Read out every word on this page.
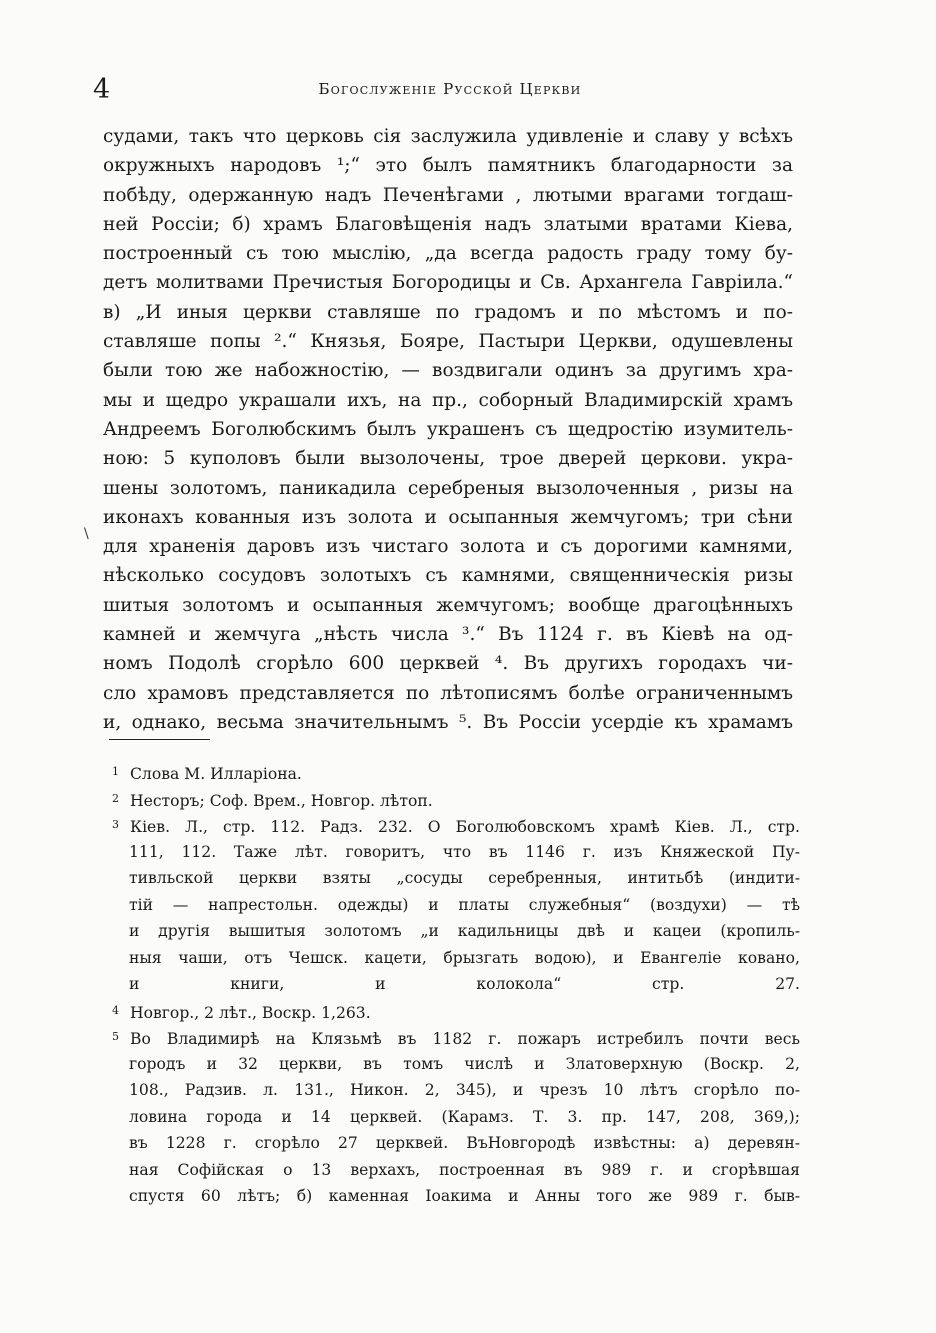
4	Богослуженіе Русской Церкви
\
судами, такъ что церковь сія заслужила удивленіе и славу у всѣхъ
окружныхъ народовъ ¹;“ это былъ памятникъ благодарности за
побѣду, одержанную надъ Печенѣгами , лютыми врагами тогдаш-
ней Россіи; б) храмъ Благовѣщенія надъ златыми вратами Кіева,
построенный съ тою мыслію, „да всегда радость граду тому бу-
детъ молитвами Пречистыя Богородицы и Св. Архангела Гавріила.“
в) „И иныя церкви ставляше по градомъ и по мѣстомъ и по-
ставляше попы ².“ Князья, Бояре, Пастыри Церкви, одушевлены
были тою же набожностію, — воздвигали одинъ за другимъ хра-
мы и щедро украшали ихъ, на пр., соборный Владимирскій храмъ
Андреемъ Боголюбскимъ былъ украшенъ съ щедростію изумитель-
ною: 5 куполовъ были вызолочены, трое дверей церкови. укра-
шены золотомъ, паникадила серебреныя вызолоченныя , ризы на
иконахъ кованныя изъ золота и осыпанныя жемчугомъ; три сѣни
для храненія даровъ изъ чистаго золота и съ дорогими камнями,
нѣсколько сосудовъ золотыхъ съ камнями, священническія ризы
шитыя золотомъ и осыпанныя жемчугомъ; вообще драгоцѣнныхъ
камней и жемчуга „нѣсть числа ³.“ Въ 1124 г. въ Кіевѣ на од-
номъ Подолѣ сгорѣло 600 церквей ⁴. Въ другихъ городахъ чи-
сло храмовъ представляется по лѣтописямъ болѣе ограниченнымъ
и, однако, весьма значительнымъ ⁵. Въ Россіи усердіе къ храмамъ
1 Слова М. Илларіона.
2 Несторъ; Соф. Врем., Новгор. лѣтоп.
3 Кіев. Л., стр. 112. Радз. 232. О Боголюбовскомъ храмѣ Кіев. Л., стр.
111, 112. Таже лѣт. говоритъ, что въ 1146 г. изъ Княжеской Пу-
тивльской церкви взяты „сосуды серебренныя, интитьбѣ (индити-
тій — напрестольн. одежды) и платы служебныя“ (воздухи) — тѣ
и другія вышитыя золотомъ „и кадильницы двѣ и кацеи (кропиль-
ныя чаши, отъ Чешск. кацети, брызгать водою), и Евангеліе ковано,
и книги, и колокола“ стр. 27.
4 Новгор., 2 лѣт., Воскр. 1,263.
5 Во Владимирѣ на Клязьмѣ въ 1182 г. пожаръ истребилъ почти весь
городъ и 32 церкви, въ томъ числѣ и Златоверхную (Воскр. 2,
108., Радзив. л. 131., Никон. 2, 345), и чрезъ 10 лѣтъ сгорѣло по-
ловина города и 14 церквей. (Карамз. Т. 3. пр. 147, 208, 369,);
въ 1228 г. сгорѣло 27 церквей. ВъНовгородѣ извѣстны: а) деревян-
ная Софійская о 13 верхахъ, построенная въ 989 г. и сгорѣвшая
спустя 60 лѣтъ; б) каменная Іоакима и Анны того же 989 г. быв-
